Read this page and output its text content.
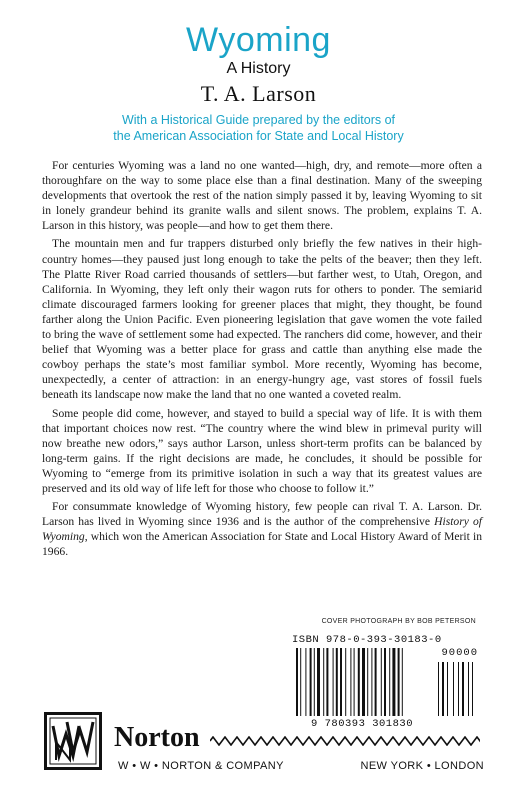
Wyoming
A History
T. A. Larson
With a Historical Guide prepared by the editors of
the American Association for State and Local History

For centuries Wyoming was a land no one wanted—high, dry, and remote—more often a thoroughfare on the way to some place else than a final destination. Many of the sweeping developments that overtook the rest of the nation simply passed it by, leaving Wyoming to sit in lonely grandeur behind its granite walls and silent snows. The problem, explains T. A. Larson in this history, was people—and how to get them there.

The mountain men and fur trappers disturbed only briefly the few natives in their high-country homes—they paused just long enough to take the pelts of the beaver; then they left. The Platte River Road carried thousands of settlers—but farther west, to Utah, Oregon, and California. In Wyoming, they left only their wagon ruts for others to ponder. The semiarid climate discouraged farmers looking for greener places that might, they thought, be found farther along the Union Pacific. Even pioneering legislation that gave women the vote failed to bring the wave of settlement some had expected. The ranchers did come, however, and their belief that Wyoming was a better place for grass and cattle than anything else made the cowboy perhaps the state’s most familiar symbol. More recently, Wyoming has become, unexpectedly, a center of attraction: in an energy-hungry age, vast stores of fossil fuels beneath its landscape now make the land that no one wanted a coveted realm.

Some people did come, however, and stayed to build a special way of life. It is with them that important choices now rest. “The country where the wind blew in primeval purity will now breathe new odors,” says author Larson, unless short-term profits can be balanced by long-term gains. If the right decisions are made, he concludes, it should be possible for Wyoming to “emerge from its primitive isolation in such a way that its greatest values are preserved and its old way of life left for those who choose to follow it.”

For consummate knowledge of Wyoming history, few people can rival T. A. Larson. Dr. Larson has lived in Wyoming since 1936 and is the author of the comprehensive History of Wyoming, which won the American Association for State and Local History Award of Merit in 1966.

COVER PHOTOGRAPH BY BOB PETERSON
ISBN 978-0-393-30183-0
90000
9 780393 301830
Norton
W • W • NORTON & COMPANY	NEW YORK • LONDON
